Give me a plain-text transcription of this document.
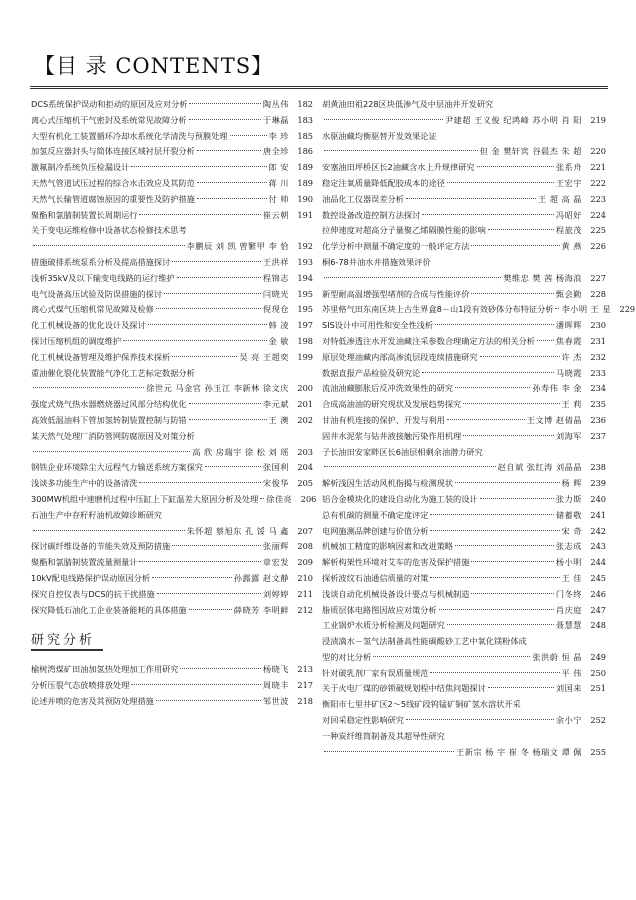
【目 录 CONTENTS】
DCS系统保护误动和拒动的原因及应对分析	陶丛伟	182
离心式压缩机干气密封及系统常见故障分析	于琳磊	183
大型有机化工装置循环冷却水系统化学清洗与预膜处理	李 珍	185
加氢反应器封头与简体连接区域衬层开裂分析	唐全珍	186
激氟制冷系统负压检漏设计	郎 安	189
天然气管道试压过程的综合水击效应及其防范	蒋 川	189
天然气长输管道腐蚀原因的重要性及防护措施	付 帅	190
聚酯和氯腈制装置长周期运行	崔云朝	191
关于变电运维检修中设备状态检修技术思考
李鹏辰 刘 凯 曾繁甲 李 恰	192
措施破排系统泵系分析及提高措施探讨	王洪祥	193
浅析35kV及以下输变电线路的运行维护	程锦志	194
电气设备高压试验及防误措施的探讨	闫晓光	195
离心式煤气压缩机常见故障及检修	倪现仓	195
化工机械设备的优化设计及探讨	韩 凌	197
探讨压缩机组的调度维护	金 敏	198
化工机械设备管理及维护保养技术探析	吴 亮 王超奕	199
重油催化裂化装置能气净化工艺标定数据分析
徐世元 马金官 孙玉江 李新林 徐文庆	200
强度式烧气热水器燃烧器过风部分结构优化	李元斌	201
高效低温油料下管加氢转制装置控制与防错	王 澳	202
某天然气处理厂消防管网防腐原因及对策分析
高 欣 房瑞宇 徐 松 刘 瑶	203
钢铁企业环境除尘大远程气力输送系统方案探究	张国利	204
浅谈多功能生产中的设备清洗	宋俊华	205
300MW机组中速磨机过程中压缸上下缸温差大原因分析及处理 徐佳亮	206
石油生产中存籽籽油机故障诊断研究
朱怀超 蔡旭东 孔 馁 马 鑫	207
探讨碳纤维设备的节能失效及预防措施	张丽辉	208
聚酯和氯腈制装置流量测量计	章宏发	209
10kV配电线路保护误动原因分析	孙露露 赵文静	210
探究自控仪表与DCS的抗干扰措施	刘婷婷	211
探究降低石油化工企业装备能耗的具体措施	薛晓芳 李明鲜	212
研究分析
榆树湾煤矿田油加氢热处理加工作用研究	杨晓飞	213
分析压裂气态放喷排放处理	周晓丰	217
论述并喷的危害及其预防处理措施	邹世波	218
胡黄油田祖228区块低渗气及中层油井开发研究
尹建超 王义俊 纪鸿峰 苏小明 肖 阳	219
水驱油藏均衡驱替开发效果论证
但 金 樊轩宾 谷晨杰 朱 超	220
安塞油田坪桥区长2油藏含水上升规律研究	张系舟	221
稳定注氧质量降低配胶成本的途径	王宏宇	222
油品化工仪器误差分析	王 超 高 磊	223
数控设备改造控制方法探讨	冯昭好	224
拉伸速度对超高分子量聚乙烯隔膜性能的影响	程旅茂	225
化学分析中测量不确定度的一般评定方法	黄 燕	226
桐6-78井油水井措施效果评价
樊维忠 樊 茜 杨海浪	227
新型耐高温增强型堵剂的合成与性能评价	甄会勤	228
苏里格气田东南区块上古生界盒8－山1段有效砂体分布特征分析 李小明 王 星	229
SIS设计中可用性和安全性浅析	潘晖辉	230
对特低渗透注水开发油藏注采参数合理确定方法的相关分析	焦春霞	231
原层处理油藏内部高渗流层段连续措施研究	许 杰	232
数据直报产品检验及研究论	马晓霞	233
流油油藏膨胀后反冲洗效果性的研究	孙寿伟 李 金	234
合成高油油的研究现状及发展趋势探究	王 莉	235
甘油有机连接的保护、开发与利用	王文博 赵倩晶	236
固井水泥浆与钻井液接触污染作用机理	刘海军	237
子长油田安家畔区长6油层相剩余油潜力研究
赵自斌 张红涛 刘晶晶	238
解析浅因生活动风机指揭与检测现状	杨 辉	239
铝合金模块化的建设自动化为施工装的设计	张力斯	240
总有机碳的测量不确定度评定	储蓄敬	241
电网施测品牌创建与价值分析	宋 奇	242
机械加工精度的影响因素和改进策略	张志成	243
解析构架性环境对艾车的危害及保护措施	杨小明	244
探析波纹石油通信质量的对策	王 佳	245
浅谈自动化机械设备设计要点与机械制造	门冬终	246
脂质层体电路图因故应对策分析	肖庆庭	247
工业锅炉水质分析检测及问题研究	聂慧慧	248
浸渍滴水－氢气法制备高性能碳酸砂工艺中氧化镁粉体成
型的对比分析	张洪蔚 恒 晶	249
针对破乳剂厂家有误质量规范	平 伟	250
关于火电厂煤的砂锁破规划程中结焦问题探讨	刘国来	251
衡阳市七里井矿区2～5线矿段钨锰矿铜矿氢水溶状开采
对回采稳定性影响研究	余小宁	252
一种炭纤维筒制备及其超导性研究
王新宗 杨 宇 崔 冬 杨瑞文 谭 佩	255
